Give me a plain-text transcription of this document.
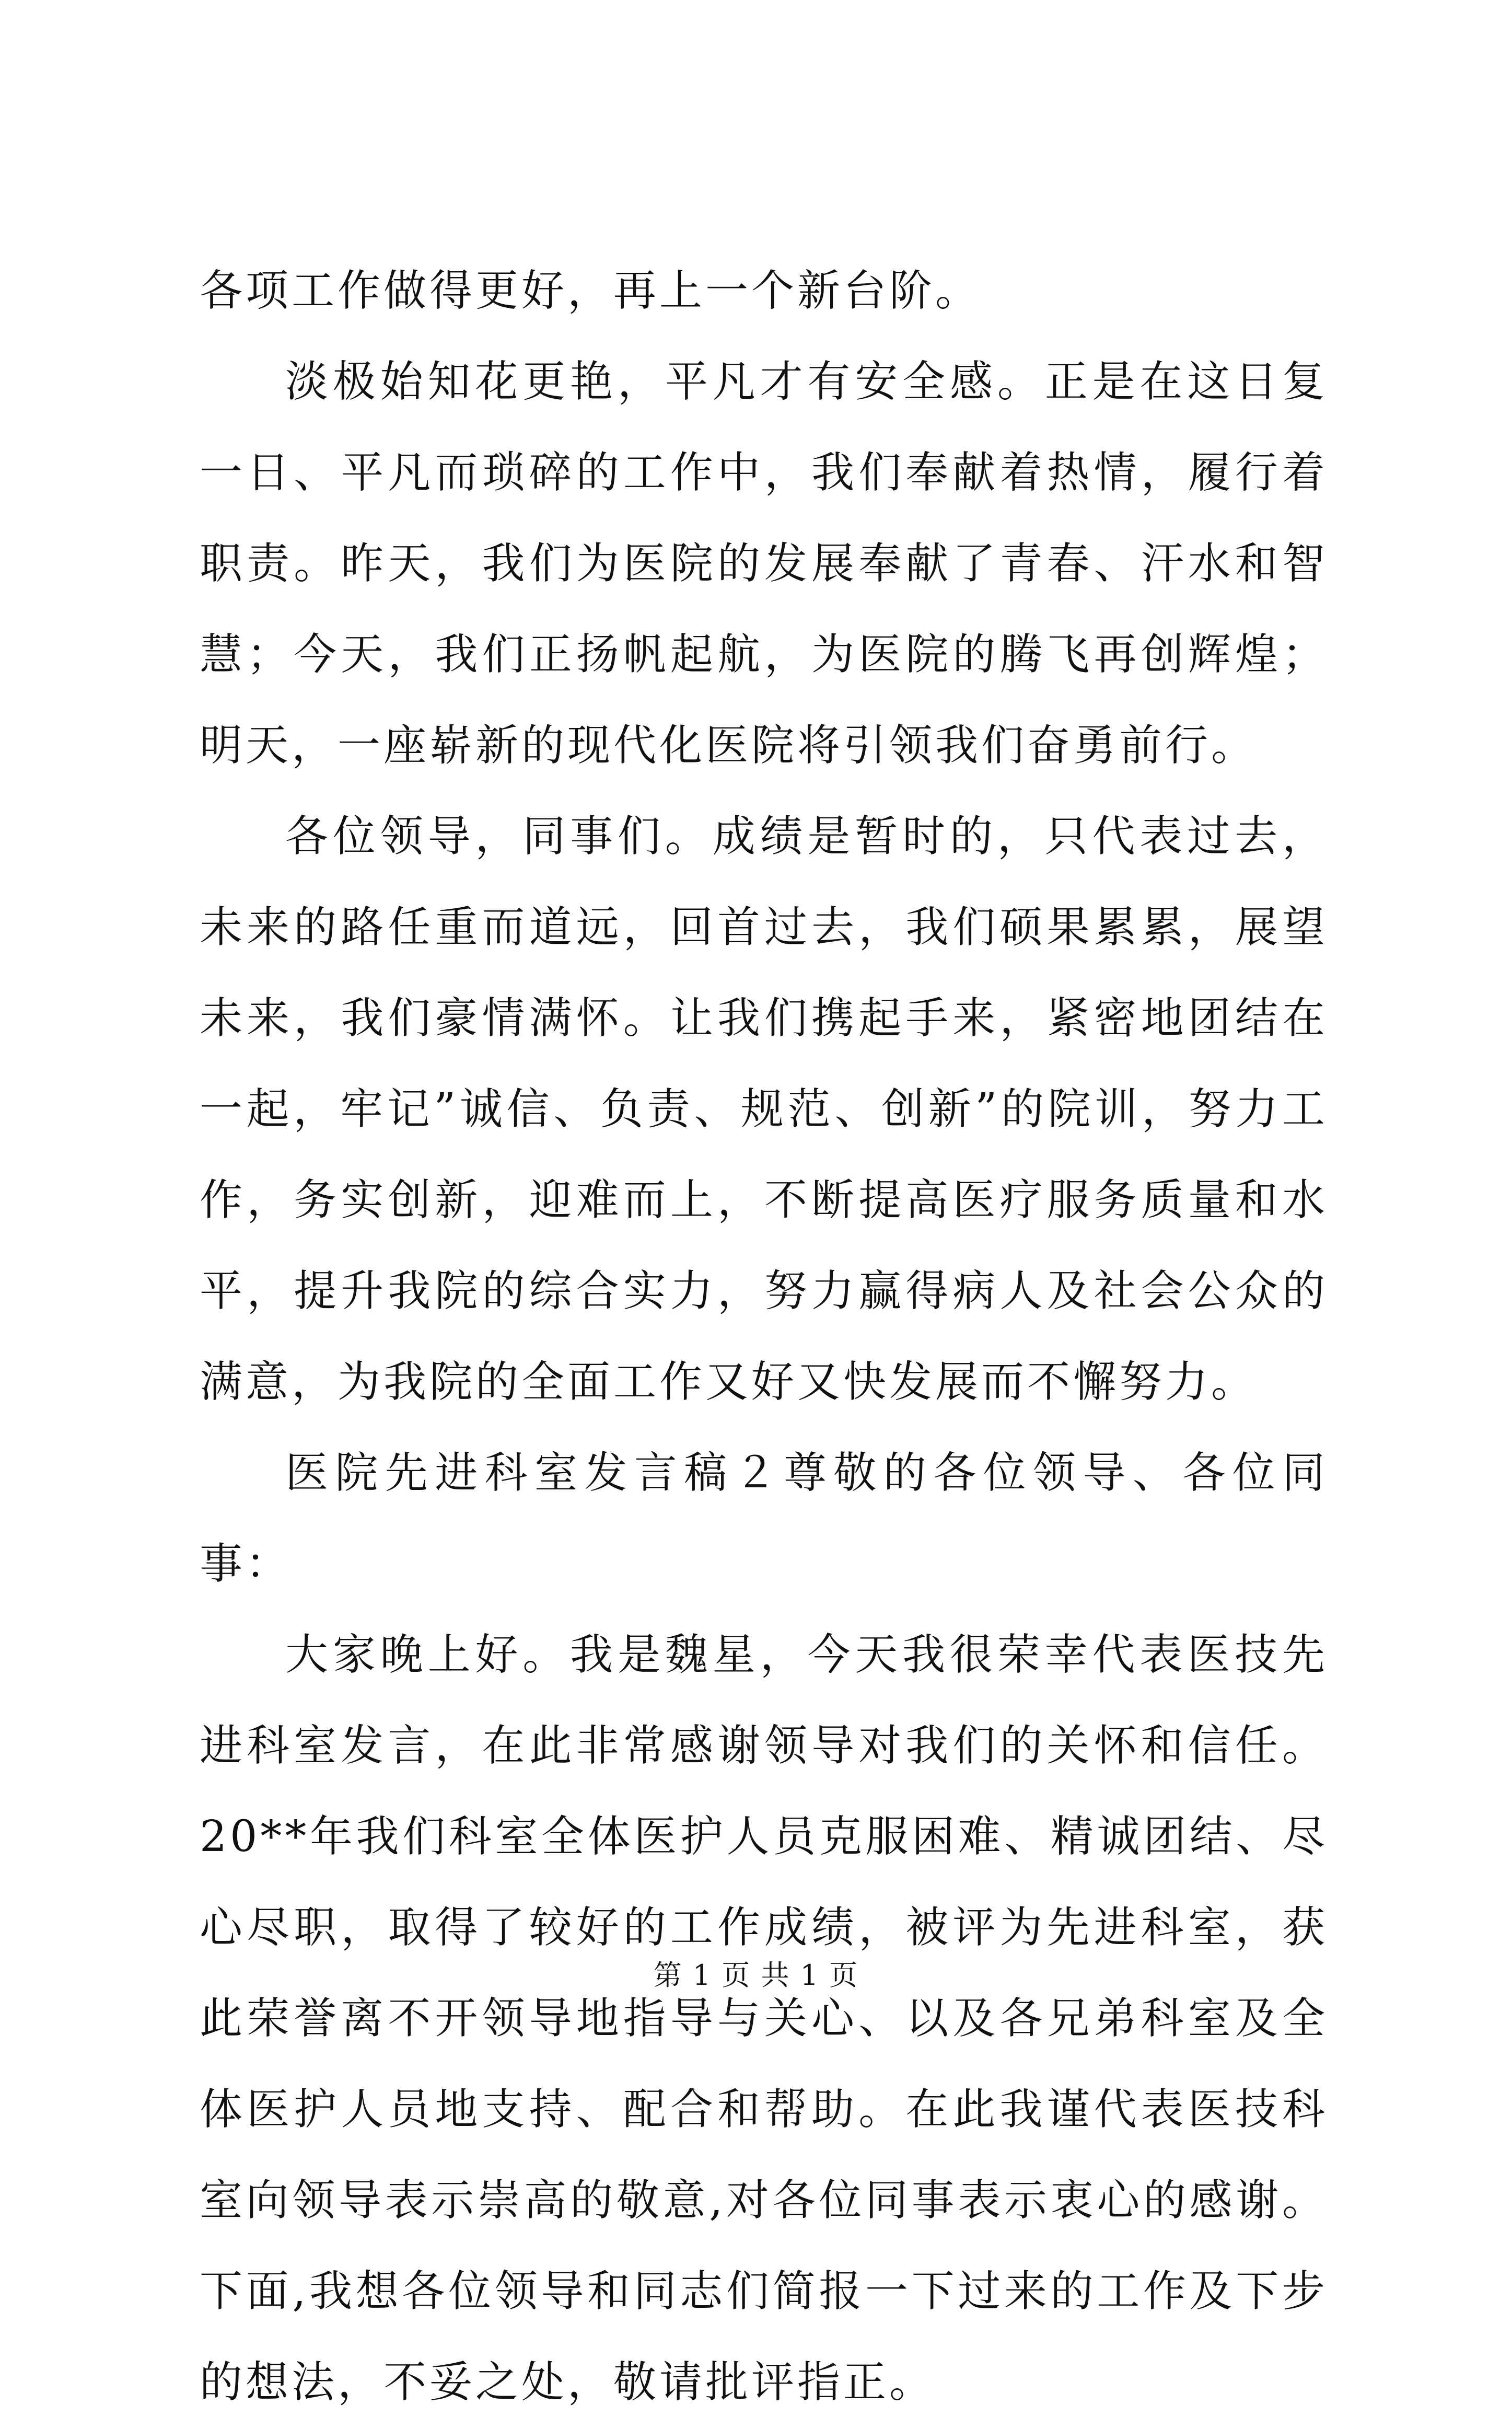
各项工作做得更好，再上一个新台阶。

淡极始知花更艳，平凡才有安全感。正是在这日复一日、平凡而琐碎的工作中，我们奉献着热情，履行着职责。昨天，我们为医院的发展奉献了青春、汗水和智慧；今天，我们正扬帆起航，为医院的腾飞再创辉煌；明天，一座崭新的现代化医院将引领我们奋勇前行。

各位领导，同事们。成绩是暂时的，只代表过去，未来的路任重而道远，回首过去，我们硕果累累，展望未来，我们豪情满怀。让我们携起手来，紧密地团结在一起，牢记”诚信、负责、规范、创新”的院训，努力工作，务实创新，迎难而上，不断提高医疗服务质量和水平，提升我院的综合实力，努力赢得病人及社会公众的满意，为我院的全面工作又好又快发展而不懈努力。

医院先进科室发言稿２尊敬的各位领导、各位同事：

大家晚上好。我是魏星，今天我很荣幸代表医技先进科室发言，在此非常感谢领导对我们的关怀和信任。20**年我们科室全体医护人员克服困难、精诚团结、尽心尽职，取得了较好的工作成绩，被评为先进科室，获此荣誉离不开领导地指导与关心、以及各兄弟科室及全体医护人员地支持、配合和帮助。在此我谨代表医技科室向领导表示崇高的敬意,对各位同事表示衷心的感谢。下面,我想各位领导和同志们简报一下过来的工作及下步的想法，不妥之处，敬请批评指正。

第 1 页 共 1 页
